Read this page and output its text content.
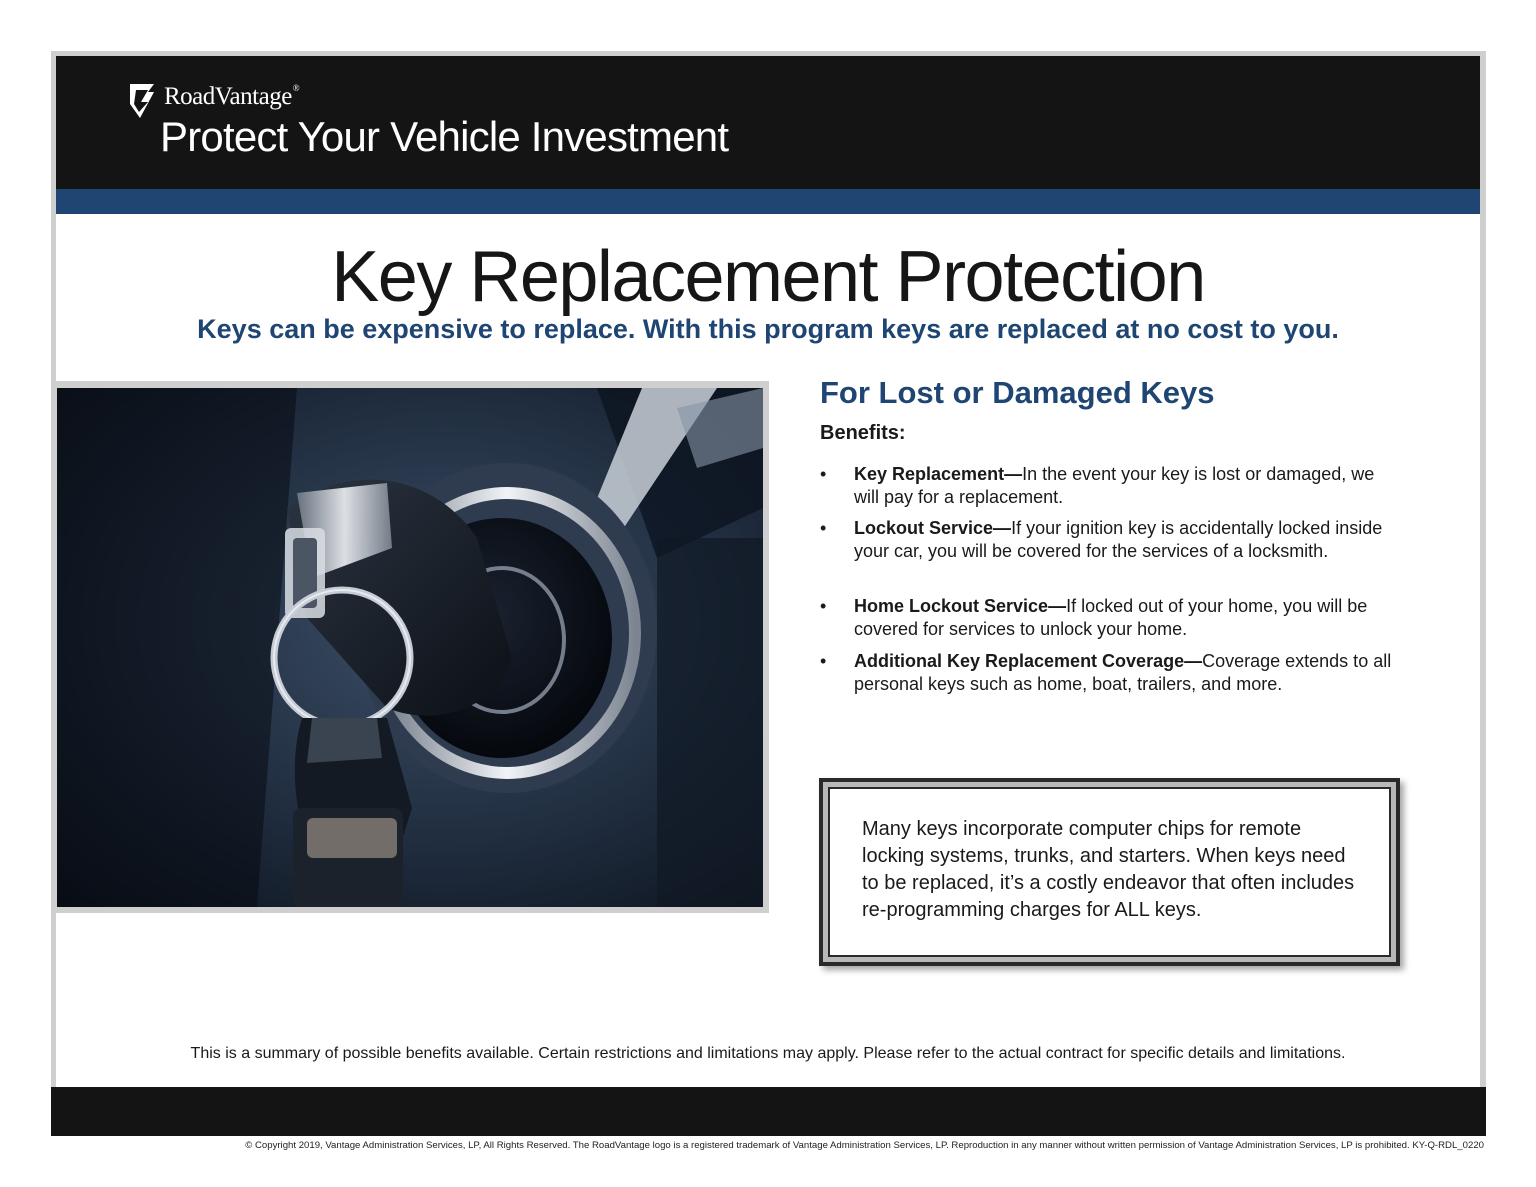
RoadVantage®
Protect Your Vehicle Investment
Key Replacement Protection
Keys can be expensive to replace. With this program keys are replaced at no cost to you.
For Lost or Damaged Keys
Benefits:
•	Key Replacement—In the event your key is lost or damaged, we will pay for a replacement.
•	Lockout Service—If your ignition key is accidentally locked inside your car, you will be covered for the services of a locksmith.
•	Home Lockout Service—If locked out of your home, you will be covered for services to unlock your home.
•	Additional Key Replacement Coverage—Coverage extends to all personal keys such as home, boat, trailers, and more.
Many keys incorporate computer chips for remote locking systems, trunks, and starters. When keys need to be replaced, it’s a costly endeavor that often includes re-programming charges for ALL keys.
This is a summary of possible benefits available. Certain restrictions and limitations may apply. Please refer to the actual contract for specific details and limitations.
© Copyright 2019, Vantage Administration Services, LP, All Rights Reserved. The RoadVantage logo is a registered trademark of Vantage Administration Services, LP. Reproduction in any manner without written permission of Vantage Administration Services, LP is prohibited. KY-Q-RDL_0220
